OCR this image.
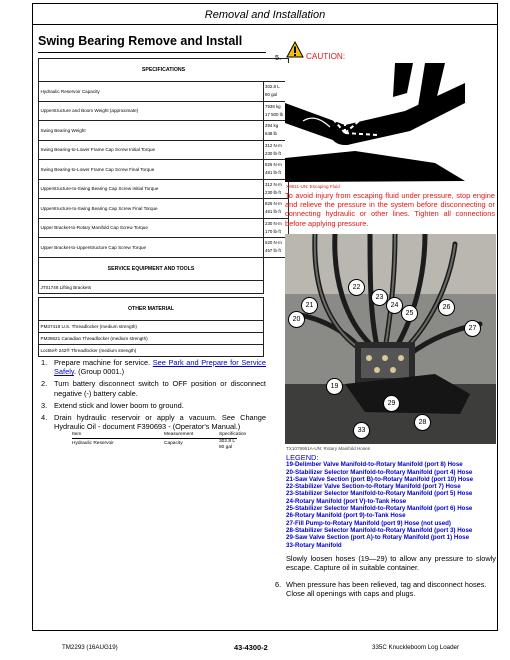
Removal and Installation
Swing Bearing Remove and Install
SPECIFICATIONS	
Hydraulic Reservoir Capacity	302.8 L
80 gal

Upperstructure and Boom Weight (approximate)	7938 kg
17 500 lb

Swing Bearing Weight	294 kg
648 lb

Swing Bearing-to-Lower Frame Cap Screw Initial Torque	312 N·m
230 lb·ft

Swing Bearing-to-Lower Frame Cap Screw Final Torque	826 N·m
481 lb·ft

Upperstructure-to-Swing Bearing Cap Screw Initial Torque	312 N·m
230 lb·ft

Upperstructure-to-Swing Bearing Cap Screw Final Torque	826 N·m
481 lb·ft

Upper Bracket-to-Rotary Manifold Cap Screw Torque	230 N·m
170 lb·ft

Upper Bracket-to-Upperstructure Cap Screw Torque	620 N·m
457 lb·ft
SERVICE EQUIPMENT AND TOOLS
JT01748 Lifting Brackets
OTHER MATERIAL
PM37418 U.S. Threadlocker (medium strength)
PM38621 Canadian Threadlocker (medium strength)
Loctite® 242® Threadlocker (medium strength)
1. Prepare machine for service. See Park and Prepare for Service Safely. (Group 0001.)
2. Turn battery disconnect switch to OFF position or disconnect negative (-) battery cable.
3. Extend stick and lower boom to ground.
4. Drain hydraulic reservoir or apply a vacuum. See Change Hydraulic Oil - document F390693 - (Operator's Manual.)
Item	Measurement	Specification
Hydraulic Reservoir	Capacity	302.8 L
80 gal
5.	CAUTION:
X9811-UN: Escaping Fluid
To avoid injury from escaping fluid under pressure, stop engine and relieve the pressure in the system before disconnecting or connecting hydraulic or other lines. Tighten all connections before applying pressure.
22
23
24
25
26
21
20
27
19
29
33
28
TX1079951A-UN: Rotary Manifold Hoses
LEGEND:
19-Delimber Valve Manifold-to-Rotary Manifold (port 8) Hose
20-Stabilizer Selector Manifold-to-Rotary Manifold (port 4) Hose
21-Saw Valve Section (port B)-to-Rotary Manifold (port 10) Hose
22-Stabilizer Valve Section-to-Rotary Manifold (port 7) Hose
23-Stabilizer Selector Manifold-to-Rotary Manifold (port 5) Hose
24-Rotary Manifold (port V)-to-Tank Hose
25-Stabilizer Selector Manifold-to-Rotary Manifold (port 6) Hose
26-Rotary Manifold (port 9)-to-Tank Hose
27-Fill Pump-to-Rotary Manifold (port 9) Hose (not used)
28-Stabilizer Selector Manifold-to-Rotary Manifold (port 3) Hose
29-Saw Valve Section (port A)-to Rotary Manifold (port 1) Hose
33-Rotary Manifold
Slowly loosen hoses (19—29) to allow any pressure to slowly escape. Capture oil in suitable container.
6. When pressure has been relieved, tag and disconnect hoses. Close all openings with caps and plugs.
TM2293 (16AUG19)	43-4300-2	335C Knuckleboom Log Loader
